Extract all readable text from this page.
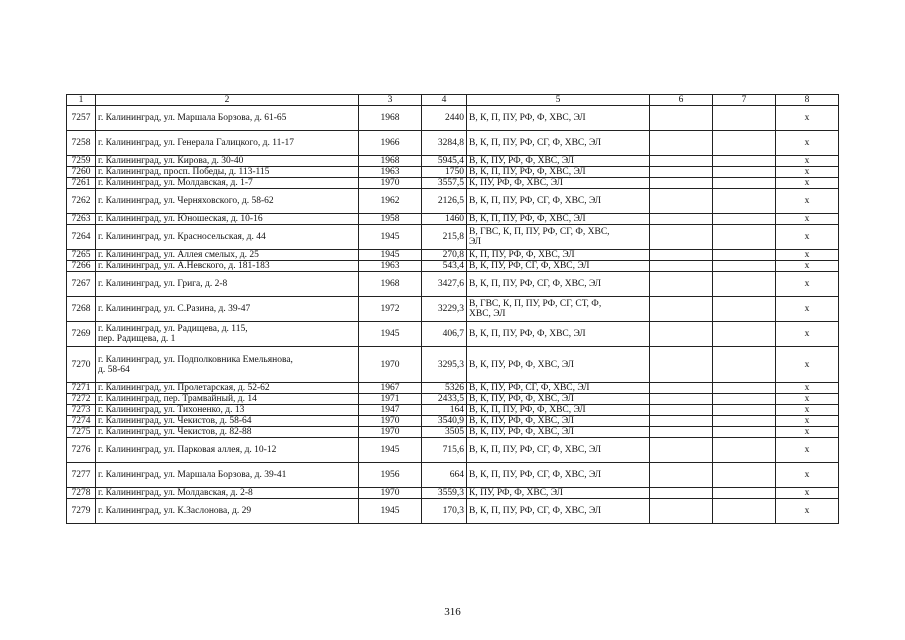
1	2	3	4	5	6	7	8
7257	г. Калининград, ул. Маршала Борзова, д. 61-65	1968	2440	В, К, П, ПУ, РФ, Ф, ХВС, ЭЛ			x
7258	г. Калининград, ул. Генерала Галицкого, д. 11-17	1966	3284,8	В, К, П, ПУ, РФ, СГ, Ф, ХВС, ЭЛ			x
7259	г. Калининград, ул. Кирова, д. 30-40	1968	5945,4	В, К, ПУ, РФ, Ф, ХВС, ЭЛ			x
7260	г. Калининград, просп. Победы, д. 113-115	1963	1750	В, К, П, ПУ, РФ, Ф, ХВС, ЭЛ			x
7261	г. Калининград, ул. Молдавская, д. 1-7	1970	3557,5	К, ПУ, РФ, Ф, ХВС, ЭЛ			x
7262	г. Калининград, ул. Черняховского, д. 58-62	1962	2126,5	В, К, П, ПУ, РФ, СГ, Ф, ХВС, ЭЛ			x
7263	г. Калининград, ул. Юношеская, д. 10-16	1958	1460	В, К, П, ПУ, РФ, Ф, ХВС, ЭЛ			x
7264	г. Калининград, ул. Красносельская, д. 44	1945	215,8	В, ГВС, К, П, ПУ, РФ, СГ, Ф, ХВС,
ЭЛ			x
7265	г. Калининград, ул. Аллея смелых, д. 25	1945	270,8	К, П, ПУ, РФ, Ф, ХВС, ЭЛ			x
7266	г. Калининград, ул. А.Невского, д. 181-183	1963	543,4	В, К, ПУ, РФ, СГ, Ф, ХВС, ЭЛ			x
7267	г. Калининград, ул. Грига, д. 2-8	1968	3427,6	В, К, П, ПУ, РФ, СГ, Ф, ХВС, ЭЛ			x
7268	г. Калининград, ул. С.Разина, д. 39-47	1972	3229,3	В, ГВС, К, П, ПУ, РФ, СГ, СТ, Ф,
ХВС, ЭЛ			x
7269	г. Калининград, ул. Радищева, д. 115,
пер. Радищева, д. 1	1945	406,7	В, К, П, ПУ, РФ, Ф, ХВС, ЭЛ			x
7270	г. Калининград, ул. Подполковника Емельянова,
д. 58-64	1970	3295,3	В, К, ПУ, РФ, Ф, ХВС, ЭЛ			x
7271	г. Калининград, ул. Пролетарская, д. 52-62	1967	5326	В, К, ПУ, РФ, СГ, Ф, ХВС, ЭЛ			x
7272	г. Калининград, пер. Трамвайный, д. 14	1971	2433,5	В, К, ПУ, РФ, Ф, ХВС, ЭЛ			x
7273	г. Калининград, ул. Тихоненко, д. 13	1947	164	В, К, П, ПУ, РФ, Ф, ХВС, ЭЛ			x
7274	г. Калининград, ул. Чекистов, д. 58-64	1970	3540,9	В, К, ПУ, РФ, Ф, ХВС, ЭЛ			x
7275	г. Калининград, ул. Чекистов, д. 82-88	1970	3505	В, К, ПУ, РФ, Ф, ХВС, ЭЛ			x
7276	г. Калининград, ул. Парковая аллея, д. 10-12	1945	715,6	В, К, П, ПУ, РФ, СГ, Ф, ХВС, ЭЛ			x
7277	г. Калининград, ул. Маршала Борзова, д. 39-41	1956	664	В, К, П, ПУ, РФ, СГ, Ф, ХВС, ЭЛ			x
7278	г. Калининград, ул. Молдавская, д. 2-8	1970	3559,3	К, ПУ, РФ, Ф, ХВС, ЭЛ			x
7279	г. Калининград, ул. К.Заслонова, д. 29	1945	170,3	В, К, П, ПУ, РФ, СГ, Ф, ХВС, ЭЛ			x
316
